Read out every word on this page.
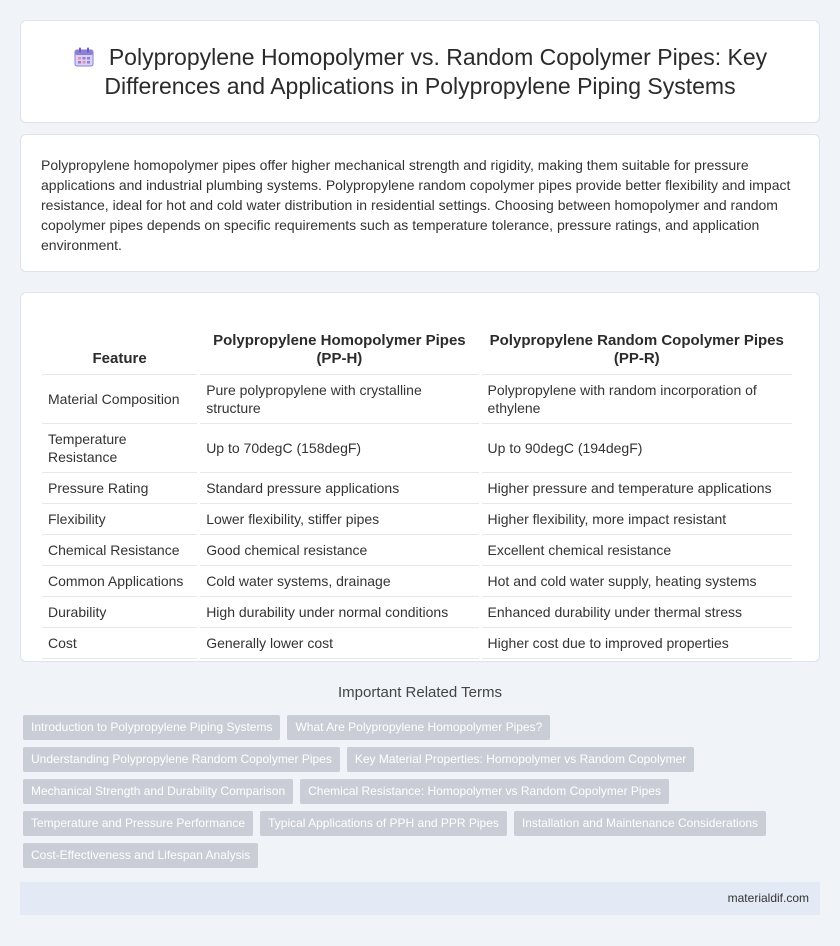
Polypropylene Homopolymer vs. Random Copolymer Pipes: Key Differences and Applications in Polypropylene Piping Systems

Polypropylene homopolymer pipes offer higher mechanical strength and rigidity, making them suitable for pressure applications and industrial plumbing systems. Polypropylene random copolymer pipes provide better flexibility and impact resistance, ideal for hot and cold water distribution in residential settings. Choosing between homopolymer and random copolymer pipes depends on specific requirements such as temperature tolerance, pressure ratings, and application environment.

Feature	Polypropylene Homopolymer Pipes (PP-H)	Polypropylene Random Copolymer Pipes (PP-R)
Material Composition	Pure polypropylene with crystalline structure	Polypropylene with random incorporation of ethylene
Temperature Resistance	Up to 70degC (158degF)	Up to 90degC (194degF)
Pressure Rating	Standard pressure applications	Higher pressure and temperature applications
Flexibility	Lower flexibility, stiffer pipes	Higher flexibility, more impact resistant
Chemical Resistance	Good chemical resistance	Excellent chemical resistance
Common Applications	Cold water systems, drainage	Hot and cold water supply, heating systems
Durability	High durability under normal conditions	Enhanced durability under thermal stress
Cost	Generally lower cost	Higher cost due to improved properties
Important Related Terms
Introduction to Polypropylene Piping Systems	What Are Polypropylene Homopolymer Pipes?
Understanding Polypropylene Random Copolymer Pipes	Key Material Properties: Homopolymer vs Random Copolymer
Mechanical Strength and Durability Comparison	Chemical Resistance: Homopolymer vs Random Copolymer Pipes
Temperature and Pressure Performance	Typical Applications of PPH and PPR Pipes	Installation and Maintenance Considerations
Cost-Effectiveness and Lifespan Analysis
materialdif.com
